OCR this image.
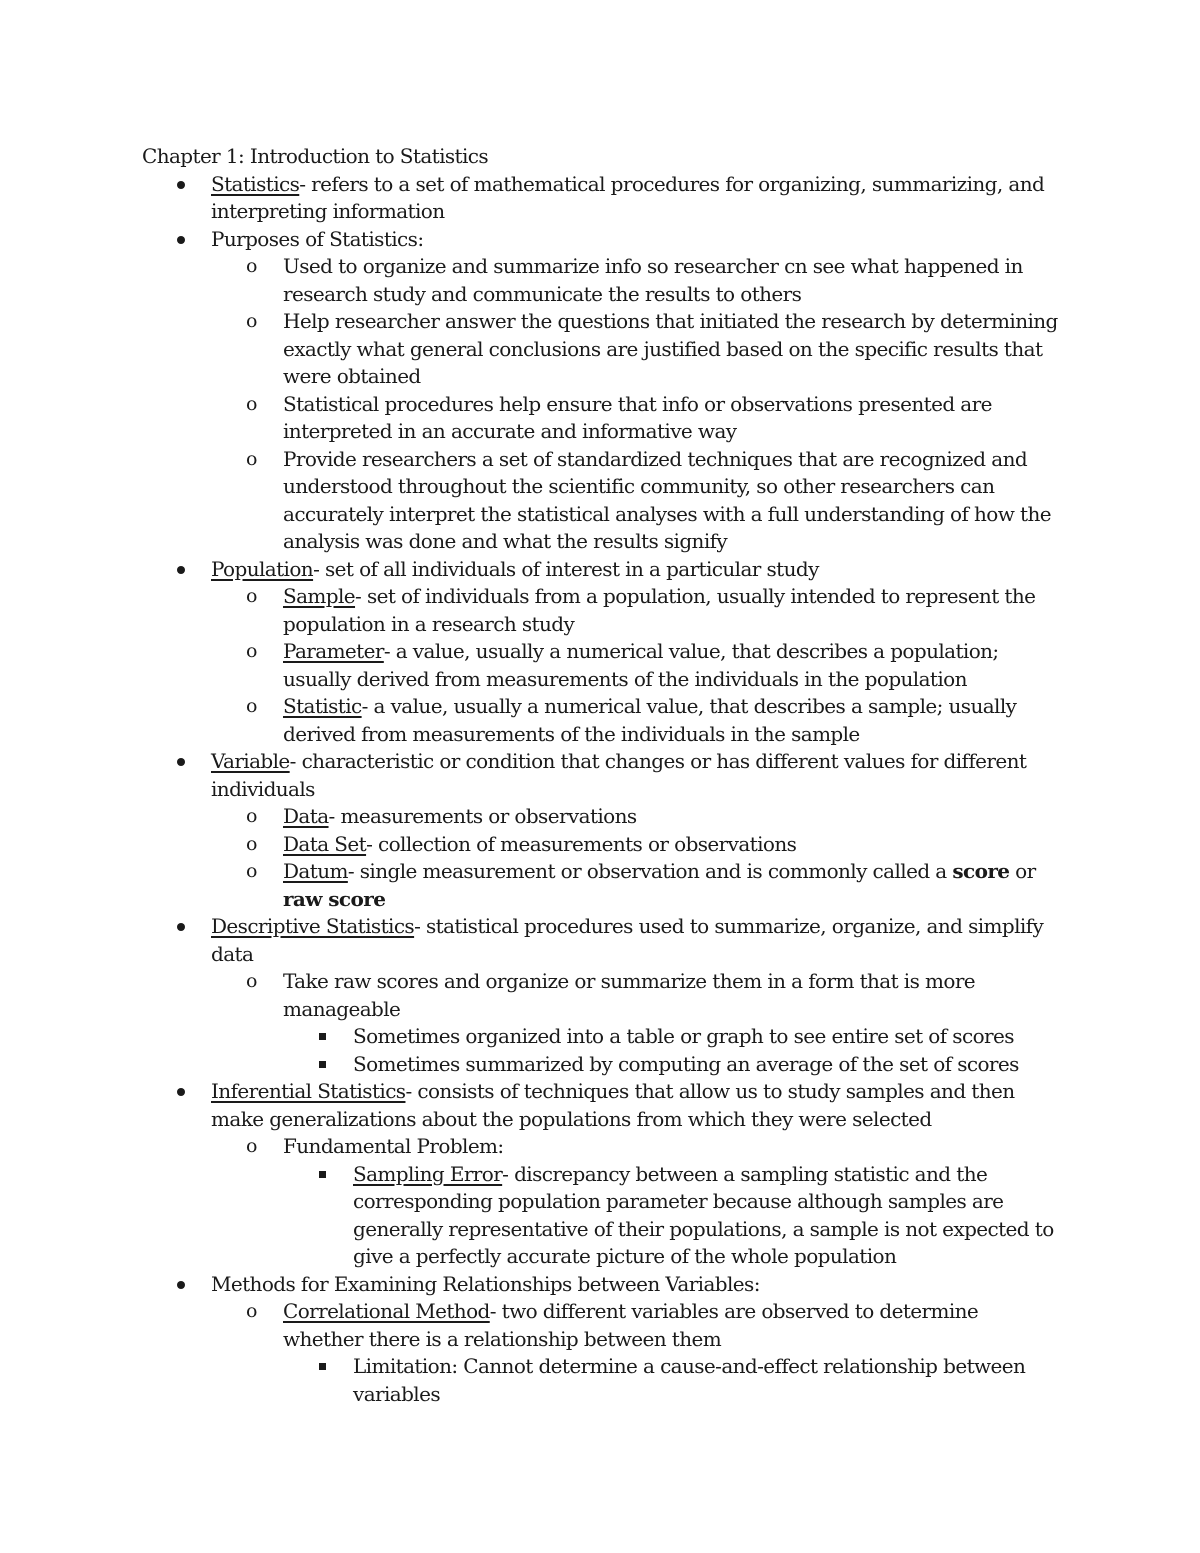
Chapter 1: Introduction to Statistics

Statistics- refers to a set of mathematical procedures for organizing, summarizing, and interpreting information
Purposes of Statistics:
o Used to organize and summarize info so researcher cn see what happened in research study and communicate the results to others
o Help researcher answer the questions that initiated the research by determining exactly what general conclusions are justified based on the specific results that were obtained
o Statistical procedures help ensure that info or observations presented are interpreted in an accurate and informative way
o Provide researchers a set of standardized techniques that are recognized and understood throughout the scientific community, so other researchers can accurately interpret the statistical analyses with a full understanding of how the analysis was done and what the results signify
Population- set of all individuals of interest in a particular study
o Sample- set of individuals from a population, usually intended to represent the population in a research study
o Parameter- a value, usually a numerical value, that describes a population; usually derived from measurements of the individuals in the population
o Statistic- a value, usually a numerical value, that describes a sample; usually derived from measurements of the individuals in the sample
Variable- characteristic or condition that changes or has different values for different individuals
o Data- measurements or observations
o Data Set- collection of measurements or observations
o Datum- single measurement or observation and is commonly called a score or raw score
Descriptive Statistics- statistical procedures used to summarize, organize, and simplify data
o Take raw scores and organize or summarize them in a form that is more manageable
Sometimes organized into a table or graph to see entire set of scores
Sometimes summarized by computing an average of the set of scores
Inferential Statistics- consists of techniques that allow us to study samples and then make generalizations about the populations from which they were selected
o Fundamental Problem:
Sampling Error- discrepancy between a sampling statistic and the corresponding population parameter because although samples are generally representative of their populations, a sample is not expected to give a perfectly accurate picture of the whole population
Methods for Examining Relationships between Variables:
o Correlational Method- two different variables are observed to determine whether there is a relationship between them
Limitation: Cannot determine a cause-and-effect relationship between variables
